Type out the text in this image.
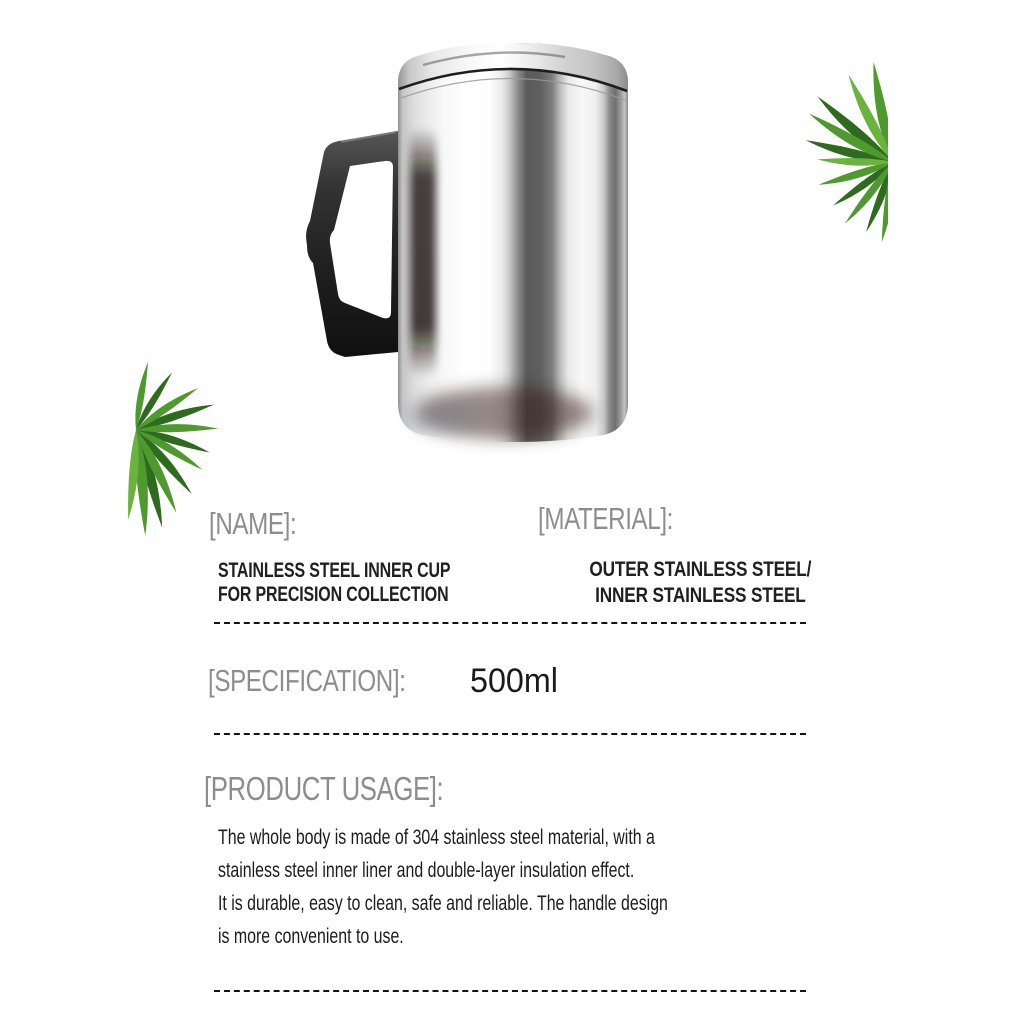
[NAME]:
STAINLESS STEEL INNER CUP
FOR PRECISION COLLECTION
[MATERIAL]:
OUTER STAINLESS STEEL/
INNER STAINLESS STEEL
[SPECIFICATION]:	500ml
[PRODUCT USAGE]:
The whole body is made of 304 stainless steel material, with a
stainless steel inner liner and double-layer insulation effect.
It is durable, easy to clean, safe and reliable. The handle design
is more convenient to use.
